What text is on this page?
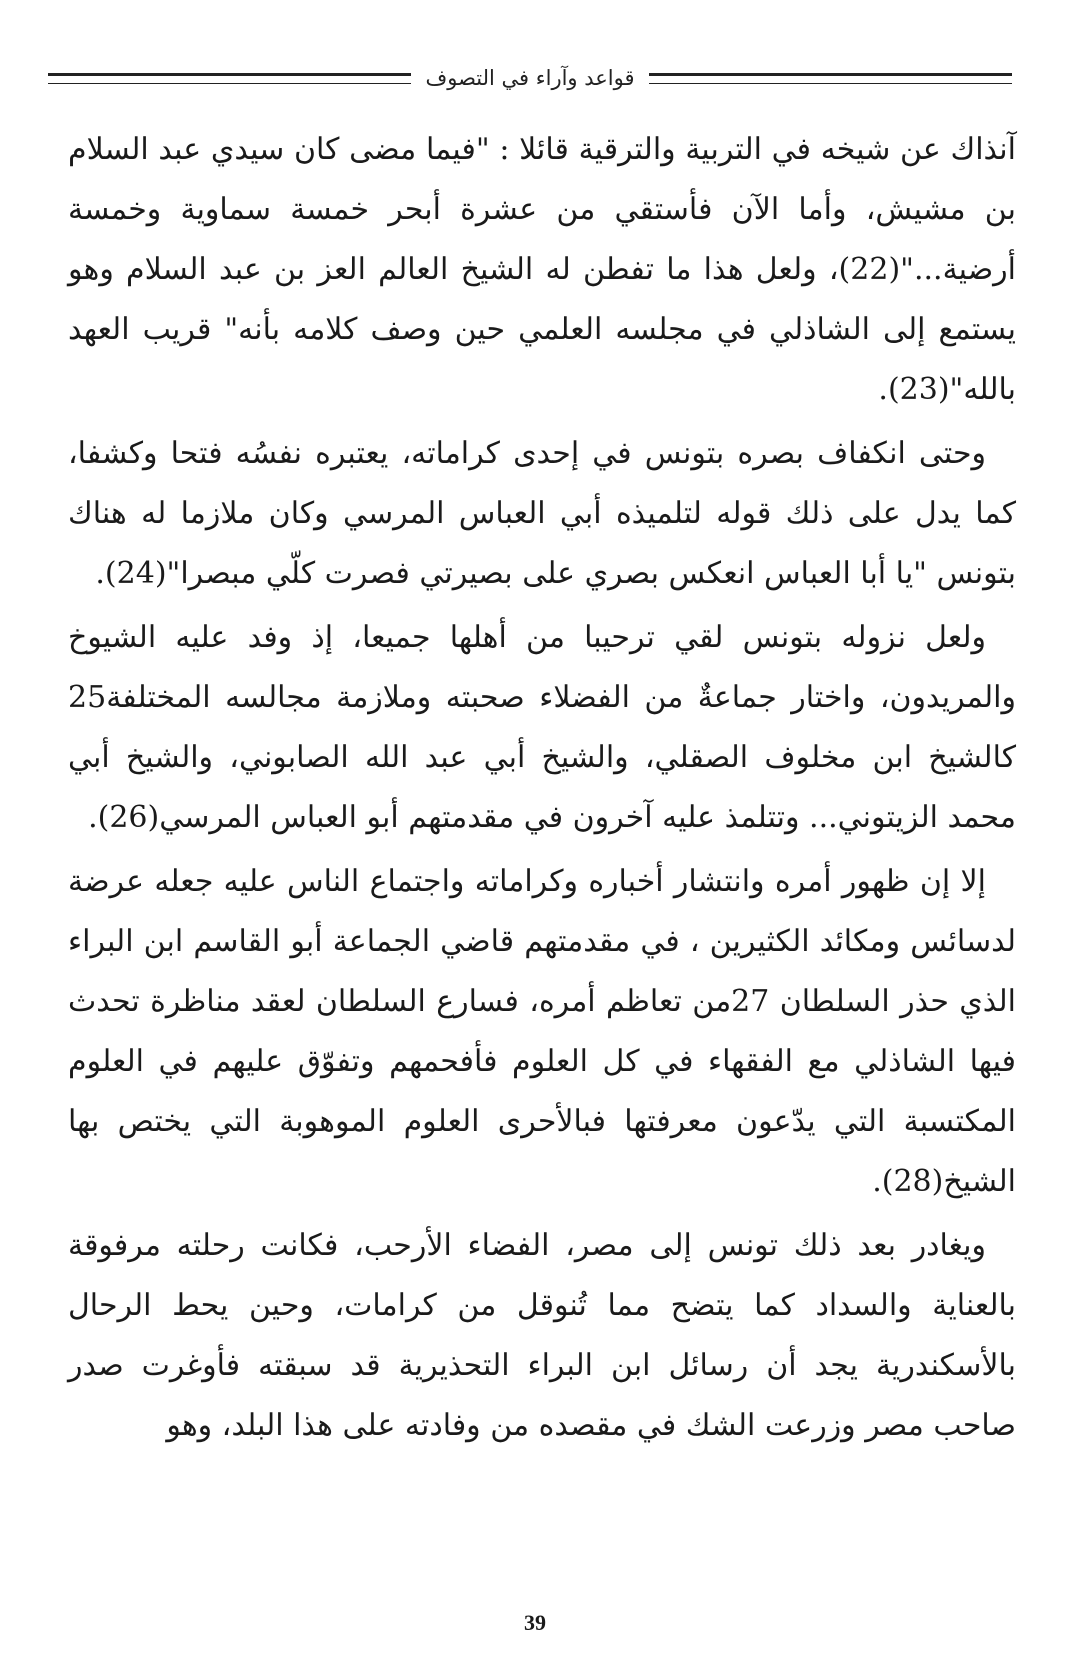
قواعد وآراء في التصوف

آنذاك عن شيخه في التربية والترقية قائلا : "فيما مضى كان سيدي عبد السلام بن مشيش، وأما الآن فأستقي من عشرة أبحر خمسة سماوية وخمسة أرضية..."(22)، ولعل هذا ما تفطن له الشيخ العالم العز بن عبد السلام وهو يستمع إلى الشاذلي في مجلسه العلمي حين وصف كلامه بأنه" قريب العهد بالله"(23).

وحتى انكفاف بصره بتونس في إحدى كراماته، يعتبره نفسُه فتحا وكشفا، كما يدل على ذلك قوله لتلميذه أبي العباس المرسي وكان ملازما له هناك بتونس "يا أبا العباس انعكس بصري على بصيرتي فصرت كلّي مبصرا"(24).

ولعل نزوله بتونس لقي ترحيبا من أهلها جميعا، إذ وفد عليه الشيوخ والمريدون، واختار جماعةٌ من الفضلاء صحبته وملازمة مجالسه المختلفة25 كالشيخ ابن مخلوف الصقلي، والشيخ أبي عبد الله الصابوني، والشيخ أبي محمد الزيتوني... وتتلمذ عليه آخرون في مقدمتهم أبو العباس المرسي(26).

إلا إن ظهور أمره وانتشار أخباره وكراماته واجتماع الناس عليه جعله عرضة لدسائس ومكائد الكثيرين ، في مقدمتهم قاضي الجماعة أبو القاسم ابن البراء الذي حذر السلطان 27من تعاظم أمره، فسارع السلطان لعقد مناظرة تحدث فيها الشاذلي مع الفقهاء في كل العلوم فأفحمهم وتفوّق عليهم في العلوم المكتسبة التي يدّعون معرفتها فبالأحرى العلوم الموهوبة التي يختص بها الشيخ(28).

ويغادر بعد ذلك تونس إلى مصر، الفضاء الأرحب، فكانت رحلته مرفوقة بالعناية والسداد كما يتضح مما تُنوقل من كرامات، وحين يحط الرحال بالأسكندرية يجد أن رسائل ابن البراء التحذيرية قد سبقته فأوغرت صدر صاحب مصر وزرعت الشك في مقصده من وفادته على هذا البلد، وهو

39
